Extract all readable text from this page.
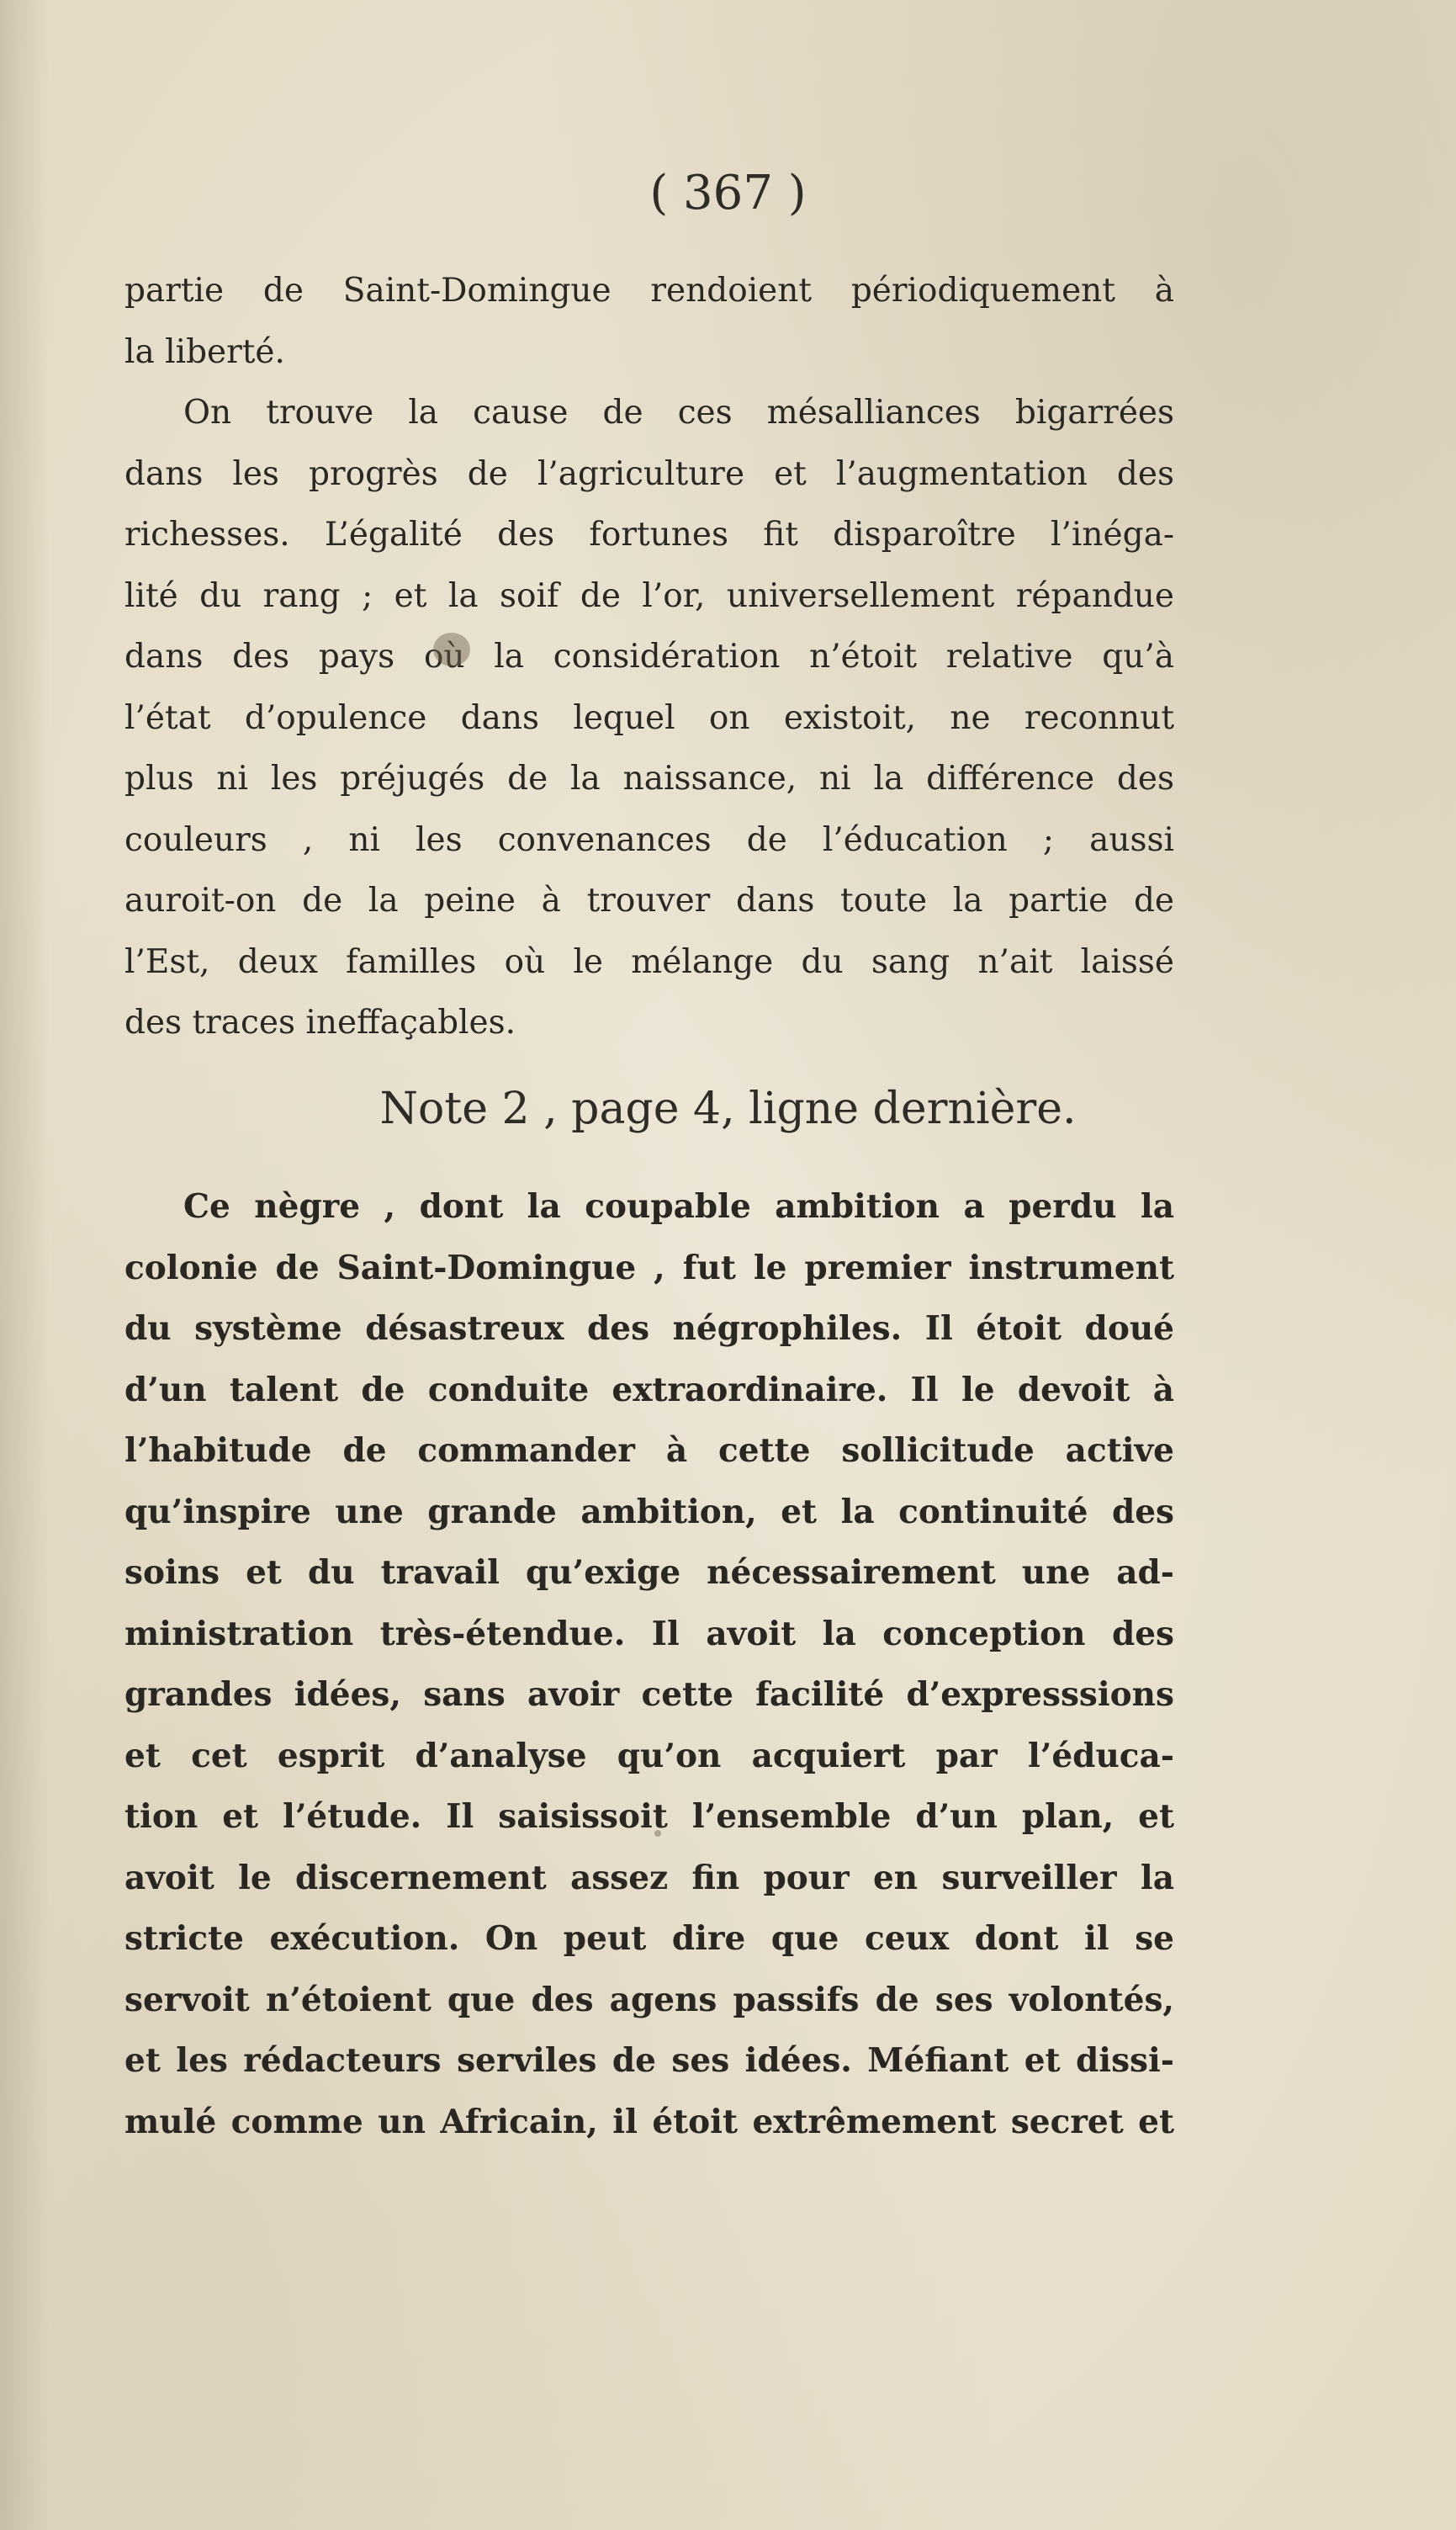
( 367 )
partie de Saint-Domingue rendoient périodiquement à
la liberté.
On trouve la cause de ces mésalliances bigarrées
dans les progrès de l’agriculture et l’augmentation des
richesses. L’égalité des fortunes fit disparoître l’inéga-
lité du rang ; et la soif de l’or, universellement répandue
dans des pays où la considération n’étoit relative qu’à
l’état d’opulence dans lequel on existoit, ne reconnut
plus ni les préjugés de la naissance, ni la différence des
couleurs , ni les convenances de l’éducation ; aussi
auroit-on de la peine à trouver dans toute la partie de
l’Est, deux familles où le mélange du sang n’ait laissé
des traces ineffaçables.
Note 2 , page 4, ligne dernière.
Ce nègre , dont la coupable ambition a perdu la
colonie de Saint-Domingue , fut le premier instrument
du système désastreux des négrophiles. Il étoit doué
d’un talent de conduite extraordinaire. Il le devoit à
l’habitude de commander à cette sollicitude active
qu’inspire une grande ambition, et la continuité des
soins et du travail qu’exige nécessairement une ad-
ministration très-étendue. Il avoit la conception des
grandes idées, sans avoir cette facilité d’expresssions
et cet esprit d’analyse qu’on acquiert par l’éduca-
tion et l’étude. Il saisissoit l’ensemble d’un plan, et
avoit le discernement assez fin pour en surveiller la
stricte exécution. On peut dire que ceux dont il se
servoit n’étoient que des agens passifs de ses volontés,
et les rédacteurs serviles de ses idées. Méfiant et dissi-
mulé comme un Africain, il étoit extrêmement secret et
